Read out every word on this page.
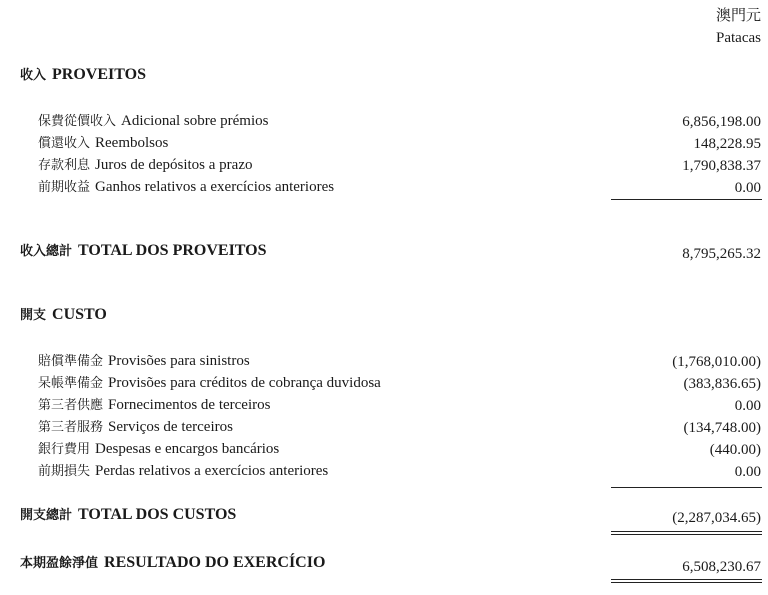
澳門元
Patacas
收入 PROVEITOS
保費從價收入 Adicional sobre prémios	6,856,198.00
償還收入 Reembolsos	148,228.95
存款利息 Juros de depósitos a prazo	1,790,838.37
前期收益 Ganhos relativos a exercícios anteriores	0.00
收入總計 TOTAL DOS PROVEITOS	8,795,265.32
開支 CUSTO
賠償準備金 Provisões para sinistros	(1,768,010.00)
呆帳準備金 Provisões para créditos de cobrança duvidosa	(383,836.65)
第三者供應 Fornecimentos de terceiros	0.00
第三者服務 Serviços de terceiros	(134,748.00)
銀行費用 Despesas e encargos bancários	(440.00)
前期損失 Perdas relativos a exercícios anteriores	0.00
開支總計 TOTAL DOS CUSTOS	(2,287,034.65)
本期盈餘淨值 RESULTADO DO EXERCÍCIO	6,508,230.67
